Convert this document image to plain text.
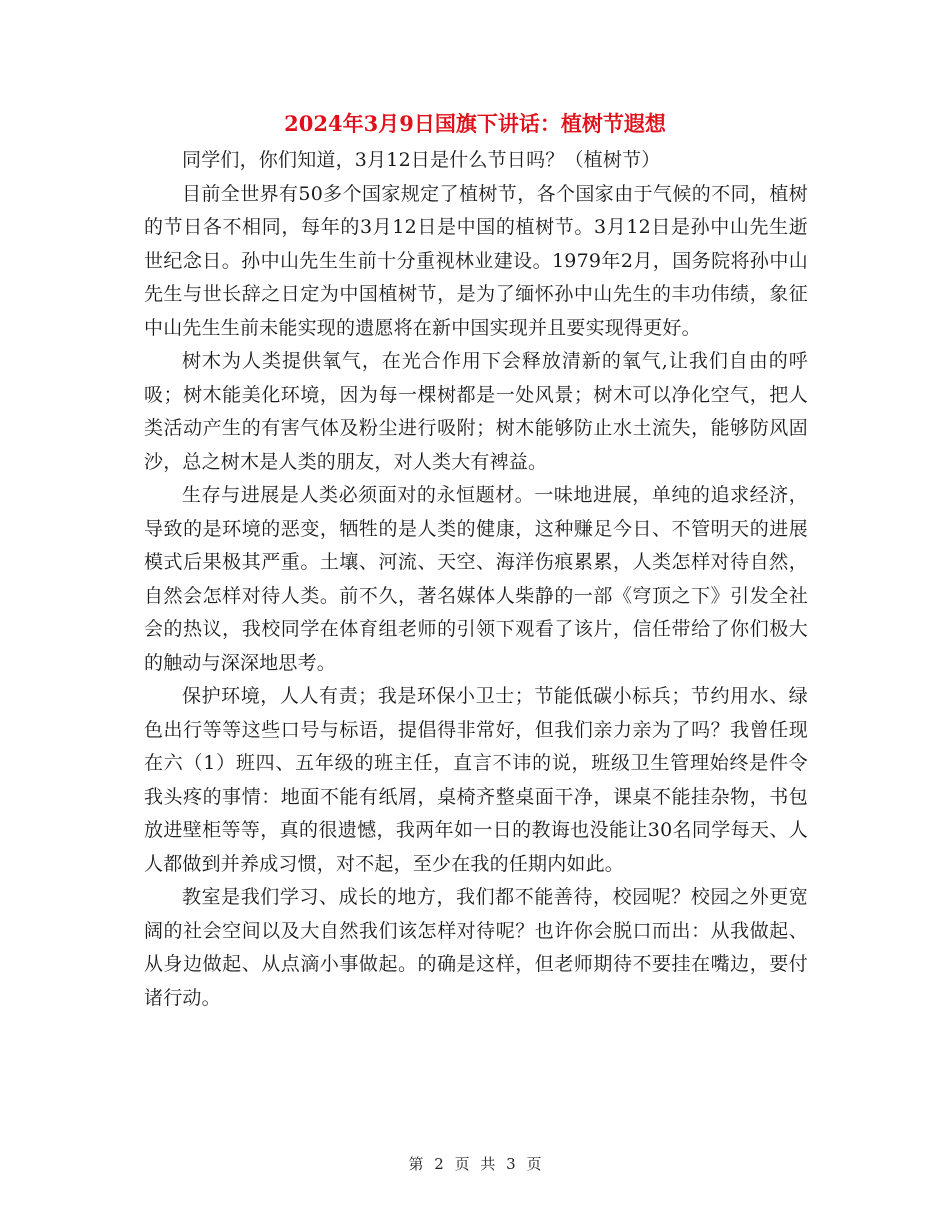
2024年3月9日国旗下讲话：植树节遐想

同学们，你们知道，3月12日是什么节日吗？（植树节）

目前全世界有50多个国家规定了植树节，各个国家由于气候的不同，植树的节日各不相同，每年的3月12日是中国的植树节。3月12日是孙中山先生逝世纪念日。孙中山先生生前十分重视林业建设。1979年2月，国务院将孙中山先生与世长辞之日定为中国植树节，是为了缅怀孙中山先生的丰功伟绩，象征中山先生生前未能实现的遗愿将在新中国实现并且要实现得更好。

树木为人类提供氧气，在光合作用下会释放清新的氧气,让我们自由的呼吸；树木能美化环境，因为每一棵树都是一处风景；树木可以净化空气，把人类活动产生的有害气体及粉尘进行吸附；树木能够防止水土流失，能够防风固沙，总之树木是人类的朋友，对人类大有裨益。

生存与进展是人类必须面对的永恒题材。一味地进展，单纯的追求经济，导致的是环境的恶变，牺牲的是人类的健康，这种赚足今日、不管明天的进展模式后果极其严重。土壤、河流、天空、海洋伤痕累累，人类怎样对待自然，自然会怎样对待人类。前不久，著名媒体人柴静的一部《穹顶之下》引发全社会的热议，我校同学在体育组老师的引领下观看了该片，信任带给了你们极大的触动与深深地思考。

保护环境，人人有责；我是环保小卫士；节能低碳小标兵；节约用水、绿色出行等等这些口号与标语，提倡得非常好，但我们亲力亲为了吗？我曾任现在六（1）班四、五年级的班主任，直言不讳的说，班级卫生管理始终是件令我头疼的事情：地面不能有纸屑，桌椅齐整桌面干净，课桌不能挂杂物，书包放进壁柜等等，真的很遗憾，我两年如一日的教诲也没能让30名同学每天、人人都做到并养成习惯，对不起，至少在我的任期内如此。

教室是我们学习、成长的地方，我们都不能善待，校园呢？校园之外更宽阔的社会空间以及大自然我们该怎样对待呢？也许你会脱口而出：从我做起、从身边做起、从点滴小事做起。的确是这样，但老师期待不要挂在嘴边，要付诸行动。

第 2 页 共 3 页
